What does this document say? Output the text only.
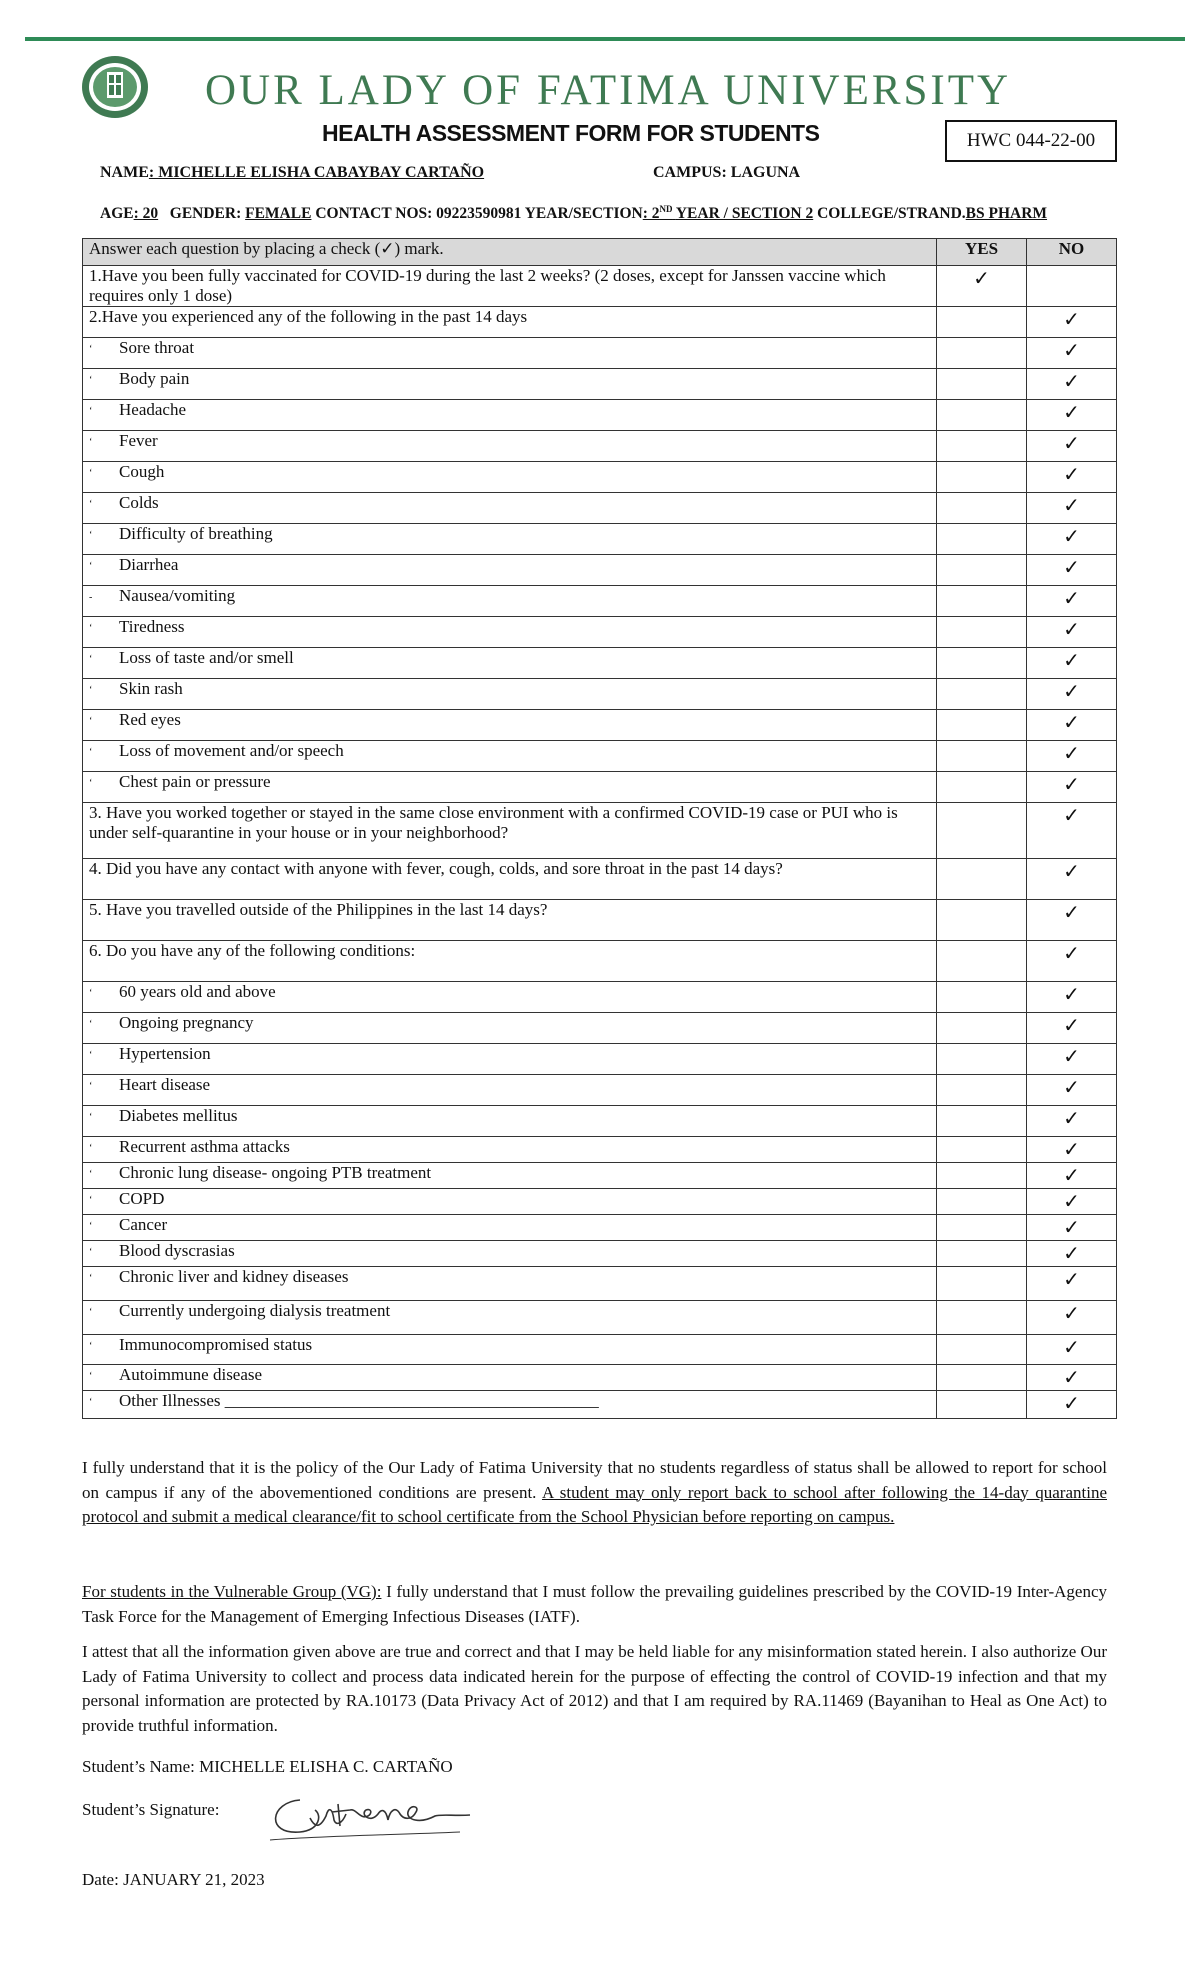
OUR LADY OF FATIMA UNIVERSITY
HEALTH ASSESSMENT FORM FOR STUDENTS	HWC 044-22-00
NAME: MICHELLE ELISHA CABAYBAY CARTAÑO	CAMPUS: LAGUNA
AGE: 20 GENDER: FEMALE CONTACT NOS: 09223590981 YEAR/SECTION: 2ND YEAR / SECTION 2 COLLEGE/STRAND.BS PHARM
Answer each question by placing a check (✓) mark.	YES	NO
1.Have you been fully vaccinated for COVID-19 during the last 2 weeks? (2 doses, except for Janssen vaccine which requires only 1 dose)	✓	
2.Have you experienced any of the following in the past 14 days		✓
‘ Sore throat		✓
‘ Body pain		✓
‘ Headache		✓
‘ Fever		✓
‘ Cough		✓
‘ Colds		✓
‘ Difficulty of breathing		✓
‘ Diarrhea		✓
- Nausea/vomiting		✓
‘ Tiredness		✓
‘ Loss of taste and/or smell		✓
‘ Skin rash		✓
‘ Red eyes		✓
‘ Loss of movement and/or speech		✓
‘ Chest pain or pressure		✓
3. Have you worked together or stayed in the same close environment with a confirmed COVID-19 case or PUI who is under self-quarantine in your house or in your neighborhood?		✓
4. Did you have any contact with anyone with fever, cough, colds, and sore throat in the past 14 days?		✓
5. Have you travelled outside of the Philippines in the last 14 days?		✓
6. Do you have any of the following conditions:		✓
‘ 60 years old and above		✓
‘ Ongoing pregnancy		✓
‘ Hypertension		✓
‘ Heart disease		✓
‘ Diabetes mellitus		✓
‘ Recurrent asthma attacks		✓
‘ Chronic lung disease- ongoing PTB treatment		✓
‘ COPD		✓
‘ Cancer		✓
‘ Blood dyscrasias		✓
‘ Chronic liver and kidney diseases		✓
‘ Currently undergoing dialysis treatment		✓
‘ Immunocompromised status		✓
‘ Autoimmune disease		✓
‘ Other Illnesses ____________________________________________		✓
I fully understand that it is the policy of the Our Lady of Fatima University that no students regardless of status shall be allowed to report for school on campus if any of the abovementioned conditions are present. A student may only report back to school after following the 14-day quarantine protocol and submit a medical clearance/fit to school certificate from the School Physician before reporting on campus.
For students in the Vulnerable Group (VG): I fully understand that I must follow the prevailing guidelines prescribed by the COVID-19 Inter-Agency Task Force for the Management of Emerging Infectious Diseases (IATF).
I attest that all the information given above are true and correct and that I may be held liable for any misinformation stated herein. I also authorize Our Lady of Fatima University to collect and process data indicated herein for the purpose of effecting the control of COVID-19 infection and that my personal information are protected by RA.10173 (Data Privacy Act of 2012) and that I am required by RA.11469 (Bayanihan to Heal as One Act) to provide truthful information.
Student’s Name: MICHELLE ELISHA C. CARTAÑO
Student’s Signature:
Date: JANUARY 21, 2023
